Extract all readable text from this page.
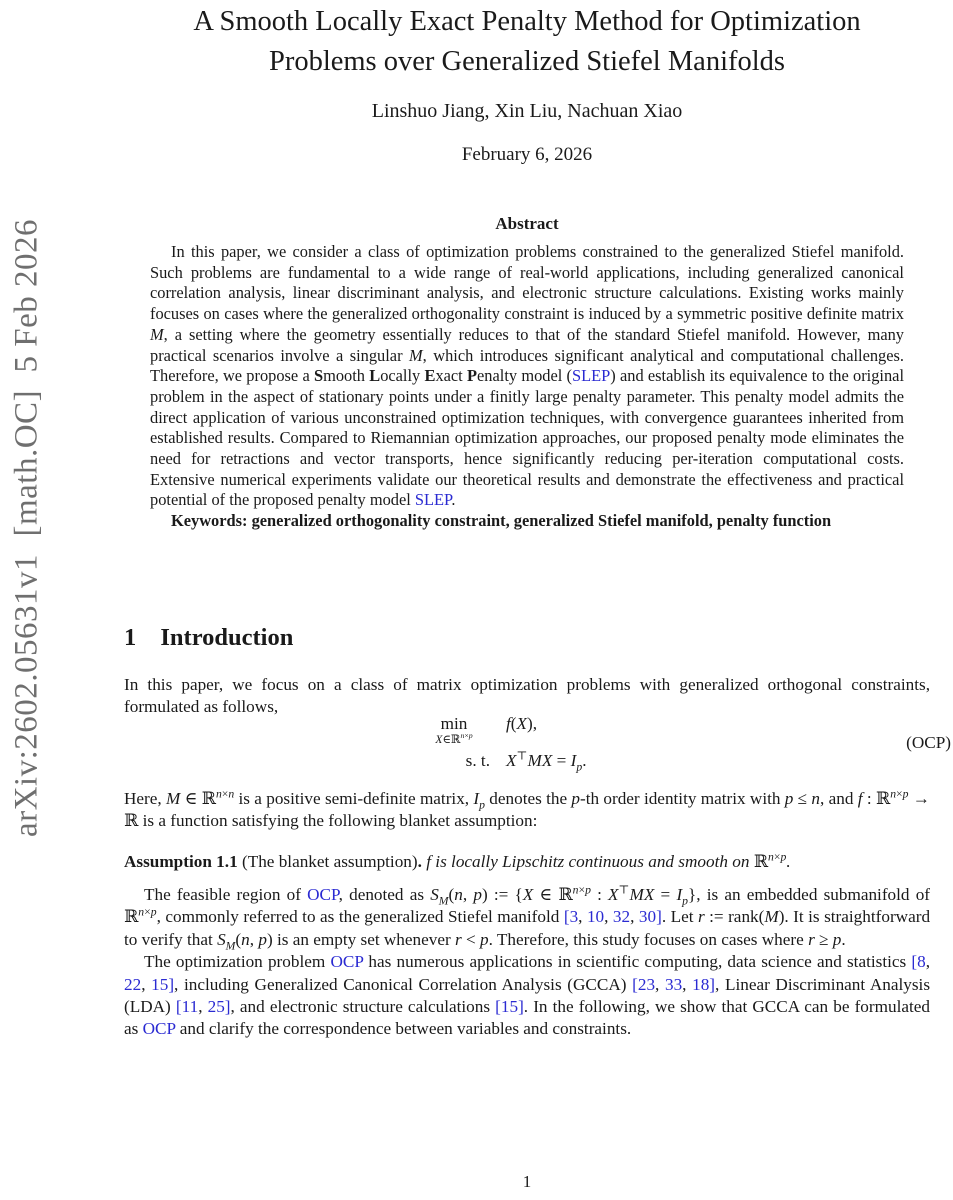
arXiv:2602.05631v1  [math.OC]  5 Feb 2026
A Smooth Locally Exact Penalty Method for Optimization
Problems over Generalized Stiefel Manifolds
Linshuo Jiang, Xin Liu, Nachuan Xiao
February 6, 2026
Abstract

In this paper, we consider a class of optimization problems constrained to the generalized Stiefel manifold. Such problems are fundamental to a wide range of real-world applications, including generalized canonical correlation analysis, linear discriminant analysis, and electronic structure calculations. Existing works mainly focuses on cases where the generalized orthogonality constraint is induced by a symmetric positive definite matrix M, a setting where the geometry essentially reduces to that of the standard Stiefel manifold. However, many practical scenarios involve a singular M, which introduces significant analytical and computational challenges. Therefore, we propose a Smooth Locally Exact Penalty model (SLEP) and establish its equivalence to the original problem in the aspect of stationary points under a finitly large penalty parameter. This penalty model admits the direct application of various unconstrained optimization techniques, with convergence guarantees inherited from established results. Compared to Riemannian optimization approaches, our proposed penalty mode eliminates the need for retractions and vector transports, hence significantly reducing per-iteration computational costs. Extensive numerical experiments validate our theoretical results and demonstrate the effectiveness and practical potential of the proposed penalty model SLEP.

Keywords: generalized orthogonality constraint, generalized Stiefel manifold, penalty function

1 Introduction

In this paper, we focus on a class of matrix optimization problems with generalized orthogonal constraints, formulated as follows,

min
X∈ℝ$^{n\times p}$
f(X),
s. t. $X^⊤MX = I_p$.
(OCP)

Here, M ∈ ℝ$^{n\times n}$ is a positive semi-definite matrix, $I_p$ denotes the p-th order identity matrix with p ≤ n, and f : ℝ$^{n\times p}$ → ℝ is a function satisfying the following blanket assumption:

Assumption 1.1 (The blanket assumption). f is locally Lipschitz continuous and smooth on ℝ$^{n\times p}$.

The feasible region of OCP, denoted as $S_M(n$, p) := {X ∈ ℝ$^{n\times p}$ : $X^⊤MX = I_p$}, is an embedded submanifold of ℝ$^{n\times p}$, commonly referred to as the generalized Stiefel manifold [3, 10, 32, 30]. Let r := rank(M). It is straightforward to verify that $S_M(n$, p) is an empty set whenever r < p. Therefore, this study focuses on cases where r ≥ p.

The optimization problem OCP has numerous applications in scientific computing, data science and statistics [8, 22, 15], including Generalized Canonical Correlation Analysis (GCCA) [23, 33, 18], Linear Discriminant Analysis (LDA) [11, 25], and electronic structure calculations [15]. In the following, we show that GCCA can be formulated as OCP and clarify the correspondence between variables and constraints.

1
